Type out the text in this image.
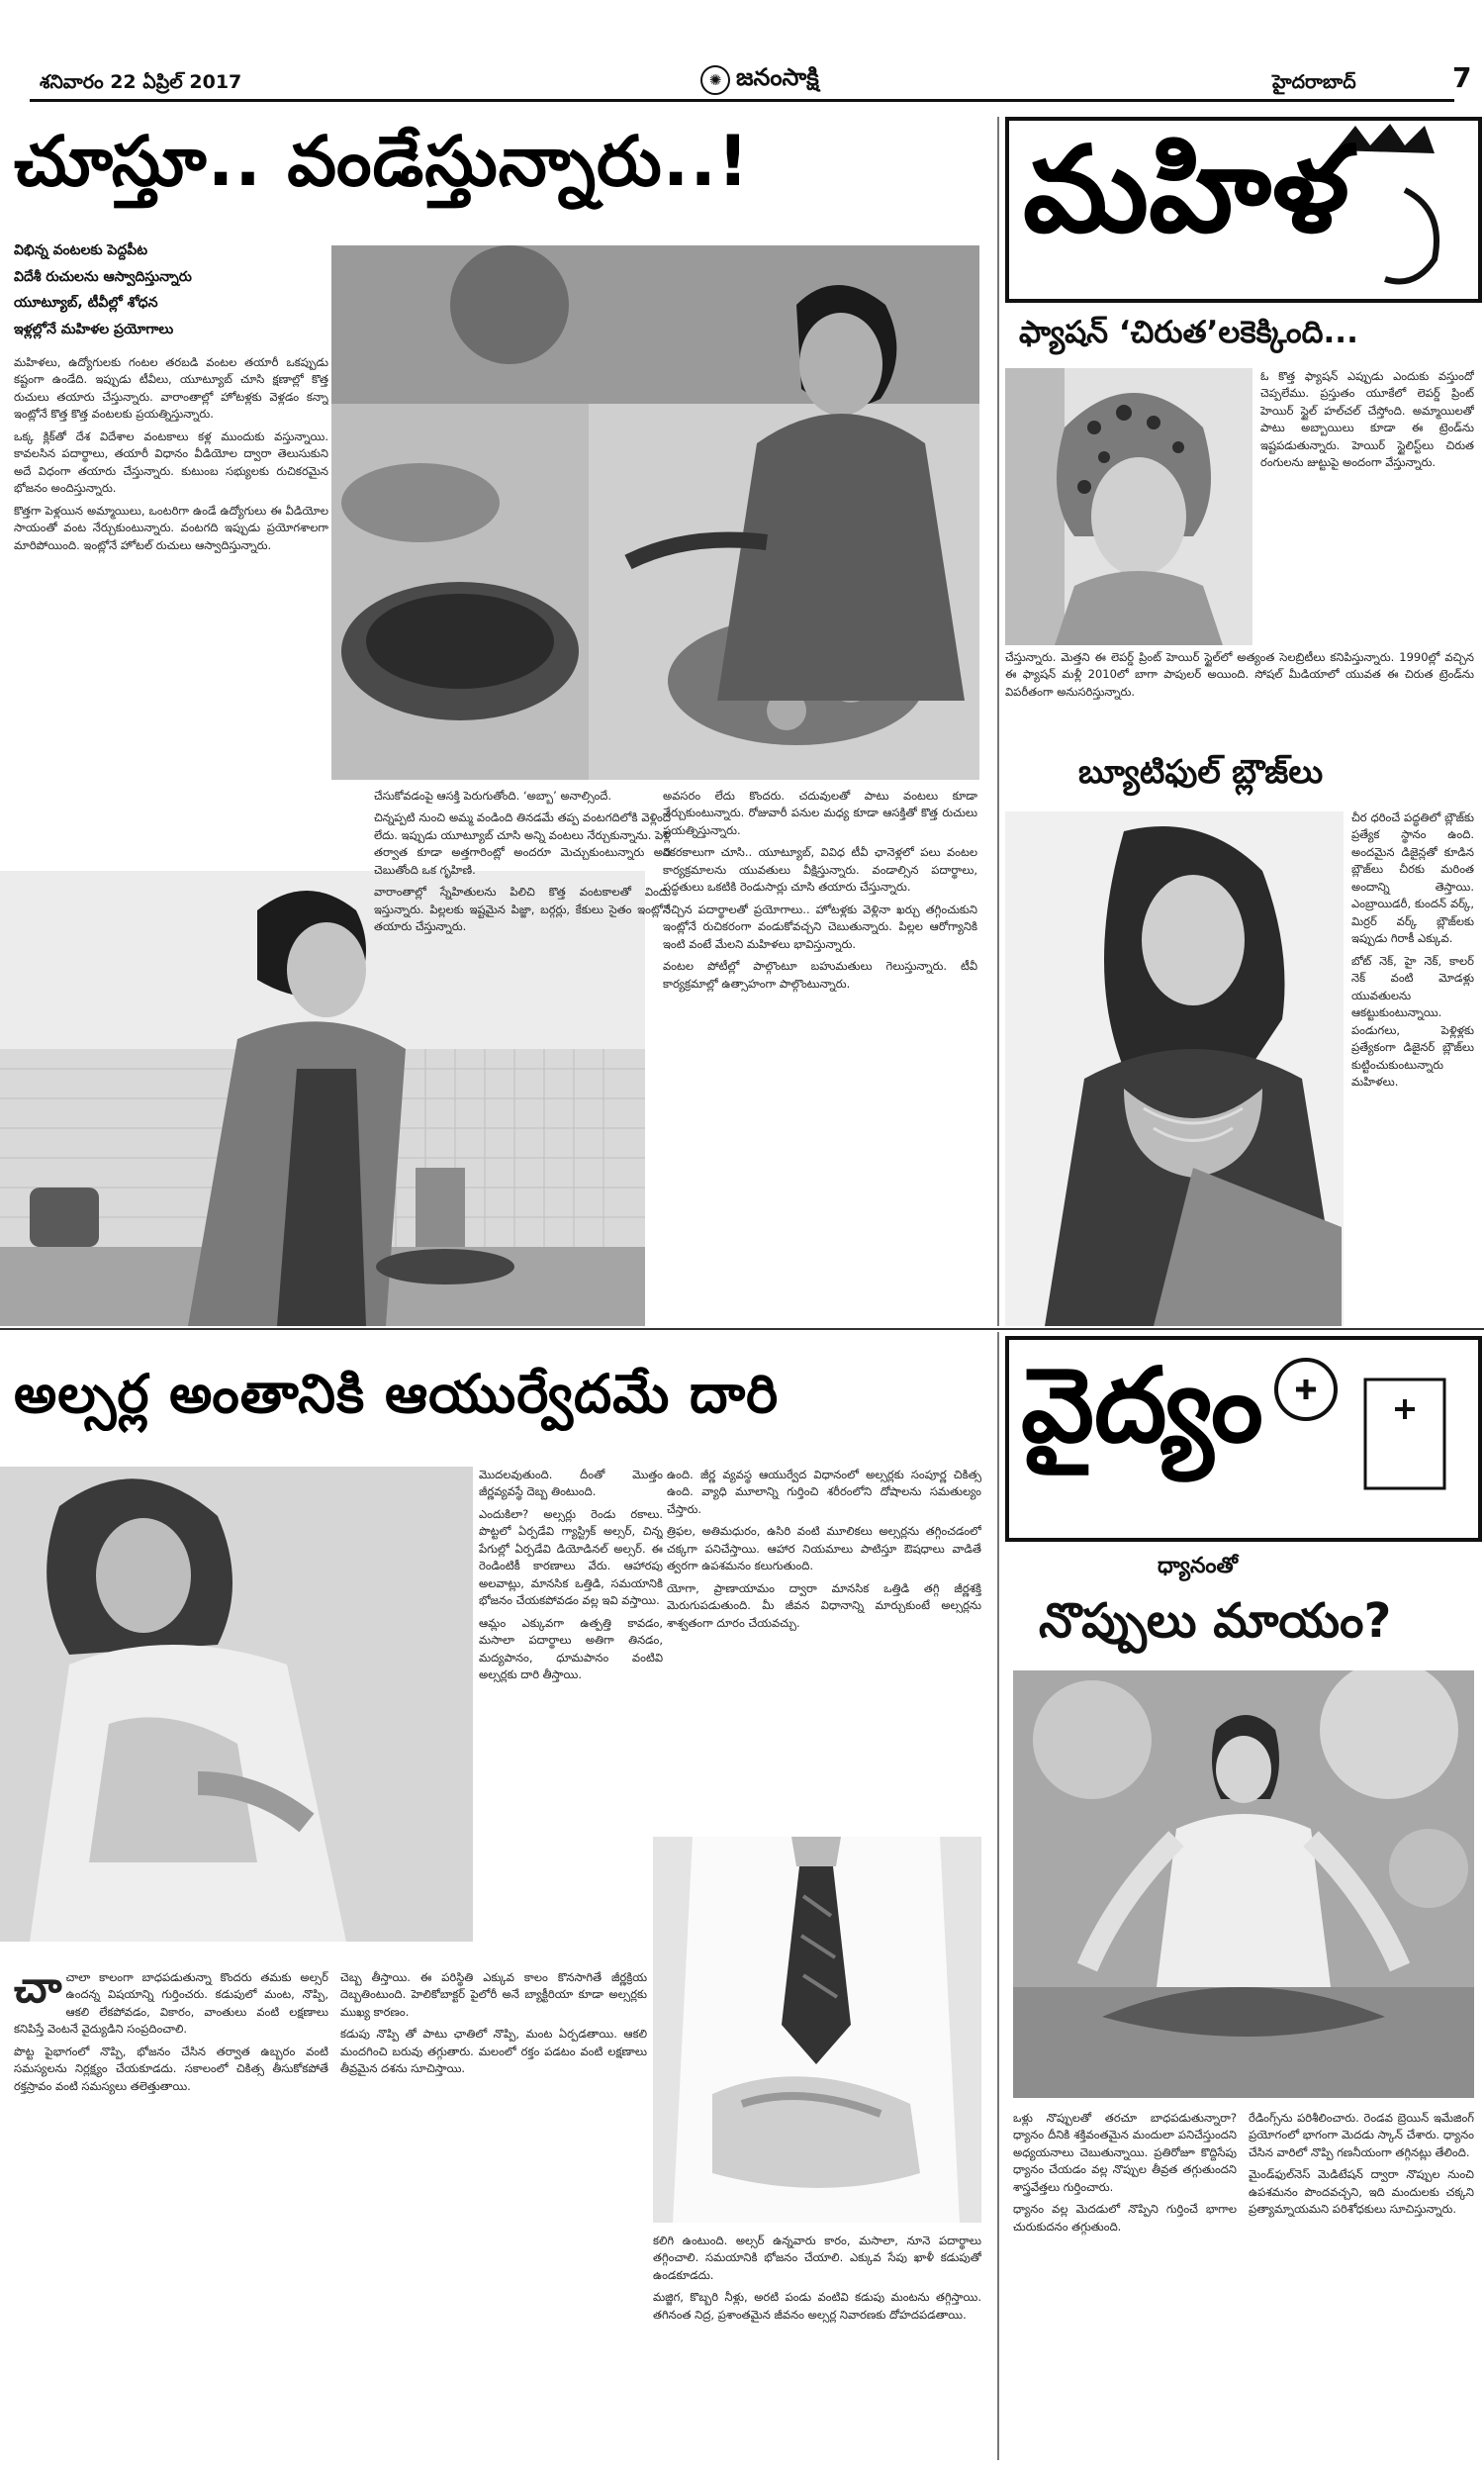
శనివారం 22 ఏప్రిల్ 2017	✺ జనంసాక్షి	హైదరాబాద్	7
చూస్తూ.. వండేస్తున్నారు..!
విభిన్న వంటలకు పెద్దపీట
విదేశీ రుచులను ఆస్వాదిస్తున్నారు
యూట్యూబ్, టీవీల్లో శోధన
ఇళ్లల్లోనే మహిళల ప్రయోగాలు

మహిళలు, ఉద్యోగులకు గంటల తరబడి వంటల తయారీ ఒకప్పుడు కష్టంగా ఉండేది. ఇప్పుడు టీవీలు, యూట్యూబ్ చూసి క్షణాల్లో కొత్త రుచులు తయారు చేస్తున్నారు. వారాంతాల్లో హోటళ్లకు వెళ్లడం కన్నా ఇంట్లోనే కొత్త కొత్త వంటలకు ప్రయత్నిస్తున్నారు.

ఒక్క క్లిక్‌తో దేశ విదేశాల వంటకాలు కళ్ల ముందుకు వస్తున్నాయి. కావలసిన పదార్థాలు, తయారీ విధానం వీడియోల ద్వారా తెలుసుకుని అదే విధంగా తయారు చేస్తున్నారు. కుటుంబ సభ్యులకు రుచికరమైన భోజనం అందిస్తున్నారు.

కొత్తగా పెళ్లయిన అమ్మాయిలు, ఒంటరిగా ఉండే ఉద్యోగులు ఈ వీడియోల సాయంతో వంట నేర్చుకుంటున్నారు. వంటగది ఇప్పుడు ప్రయోగశాలగా మారిపోయింది. ఇంట్లోనే హోటల్ రుచులు ఆస్వాదిస్తున్నారు.

చేసుకోవడంపై ఆసక్తి పెరుగుతోంది. ‘అబ్బా’ అనాల్సిందే.

చిన్నప్పటి నుంచి అమ్మ వండింది తినడమే తప్ప వంటగదిలోకి వెళ్లిందే లేదు. ఇప్పుడు యూట్యూబ్ చూసి అన్ని వంటలు నేర్చుకున్నాను. పెళ్లి తర్వాత కూడా అత్తగారింట్లో అందరూ మెచ్చుకుంటున్నారు అని చెబుతోంది ఒక గృహిణి.

వారాంతాల్లో స్నేహితులను పిలిచి కొత్త వంటకాలతో విందు ఇస్తున్నారు. పిల్లలకు ఇష్టమైన పిజ్జా, బర్గర్లు, కేకులు సైతం ఇంట్లోనే తయారు చేస్తున్నారు.

అవసరం లేదు కొందరు. చదువులతో పాటు వంటలు కూడా నేర్చుకుంటున్నారు. రోజువారీ పనుల మధ్య కూడా ఆసక్తితో కొత్త రుచులు ప్రయత్నిస్తున్నారు.

రకరకాలుగా చూసి.. యూట్యూబ్, వివిధ టీవీ ఛానెళ్లలో పలు వంటల కార్యక్రమాలను యువతులు వీక్షిస్తున్నారు. వండాల్సిన పదార్థాలు, పద్ధతులు ఒకటికి రెండుసార్లు చూసి తయారు చేస్తున్నారు.

నచ్చిన పదార్థాలతో ప్రయోగాలు.. హోటళ్లకు వెళ్లినా ఖర్చు తగ్గించుకుని ఇంట్లోనే రుచికరంగా వండుకోవచ్చని చెబుతున్నారు. పిల్లల ఆరోగ్యానికి ఇంటి వంటే మేలని మహిళలు భావిస్తున్నారు.

వంటల పోటీల్లో పాల్గొంటూ బహుమతులు గెలుస్తున్నారు. టీవీ కార్యక్రమాల్లో ఉత్సాహంగా పాల్గొంటున్నారు.

మహిళ
ఫ్యాషన్ ‘చిరుత’లకెక్కింది...

ఓ కొత్త ఫ్యాషన్ ఎప్పుడు ఎందుకు వస్తుందో చెప్పలేము. ప్రస్తుతం యూకేలో లెపర్డ్ ప్రింట్ హెయిర్ స్టైల్ హల్‌చల్ చేస్తోంది. అమ్మాయిలతో పాటు అబ్బాయిలు కూడా ఈ ట్రెండ్‌ను ఇష్టపడుతున్నారు. హెయిర్ స్టైలిస్ట్‌లు చిరుత రంగులను జుట్టుపై అందంగా వేస్తున్నారు.

చేస్తున్నారు. మెత్తని ఈ లెపర్డ్ ప్రింట్ హెయిర్ స్టైల్‌లో అత్యంత సెలబ్రిటీలు కనిపిస్తున్నారు. 1990ల్లో వచ్చిన ఈ ఫ్యాషన్ మళ్లీ 2010లో బాగా పాపులర్ అయింది. సోషల్ మీడియాలో యువత ఈ చిరుత ట్రెండ్‌ను విపరీతంగా అనుసరిస్తున్నారు.

బ్యూటిఫుల్ బ్లౌజ్‌లు

చీర ధరించే పద్ధతిలో బ్లౌజ్‌కు ప్రత్యేక స్థానం ఉంది. అందమైన డిజైన్లతో కూడిన బ్లౌజ్‌లు చీరకు మరింత అందాన్ని తెస్తాయి. ఎంబ్రాయిడరీ, కుందన్ వర్క్, మిర్రర్ వర్క్ బ్లౌజ్‌లకు ఇప్పుడు గిరాకీ ఎక్కువ.

బోట్ నెక్, హై నెక్, కాలర్ నెక్ వంటి మోడళ్లు యువతులను ఆకట్టుకుంటున్నాయి. పండుగలు, పెళ్లిళ్లకు ప్రత్యేకంగా డిజైనర్ బ్లౌజ్‌లు కుట్టించుకుంటున్నారు మహిళలు.

అల్సర్ల అంతానికి ఆయుర్వేదమే దారి

మొదలవుతుంది. దీంతో మొత్తం జీర్ణవ్యవస్థే దెబ్బ తింటుంది.

ఎందుకిలా? అల్సర్లు రెండు రకాలు. పొట్టలో ఏర్పడేవి గ్యాస్ట్రిక్ అల్సర్, చిన్న పేగుల్లో ఏర్పడేవి డియోడినల్ అల్సర్. ఈ రెండింటికీ కారణాలు వేరు. ఆహారపు అలవాట్లు, మానసిక ఒత్తిడి, సమయానికి భోజనం చేయకపోవడం వల్ల ఇవి వస్తాయి.

ఆమ్లం ఎక్కువగా ఉత్పత్తి కావడం, మసాలా పదార్థాలు అతిగా తినడం, మద్యపానం, ధూమపానం వంటివి అల్సర్లకు దారి తీస్తాయి.

ఉంది. జీర్ణ వ్యవస్థ ఆయుర్వేద విధానంలో అల్సర్లకు సంపూర్ణ చికిత్స ఉంది. వ్యాధి మూలాన్ని గుర్తించి శరీరంలోని దోషాలను సమతుల్యం చేస్తారు.

త్రిఫల, అతిమధురం, ఉసిరి వంటి మూలికలు అల్సర్లను తగ్గించడంలో చక్కగా పనిచేస్తాయి. ఆహార నియమాలు పాటిస్తూ ఔషధాలు వాడితే త్వరగా ఉపశమనం కలుగుతుంది.

యోగా, ప్రాణాయామం ద్వారా మానసిక ఒత్తిడి తగ్గి జీర్ణశక్తి మెరుగుపడుతుంది. మీ జీవన విధానాన్ని మార్చుకుంటే అల్సర్లను శాశ్వతంగా దూరం చేయవచ్చు.

చా చాలా కాలంగా బాధపడుతున్నా కొందరు తమకు అల్సర్ ఉందన్న విషయాన్ని గుర్తించరు. కడుపులో మంట, నొప్పి, ఆకలి లేకపోవడం, వికారం, వాంతులు వంటి లక్షణాలు కనిపిస్తే వెంటనే వైద్యుడిని సంప్రదించాలి.

పొట్ట పైభాగంలో నొప్పి, భోజనం చేసిన తర్వాత ఉబ్బరం వంటి సమస్యలను నిర్లక్ష్యం చేయకూడదు. సకాలంలో చికిత్స తీసుకోకపోతే రక్తస్రావం వంటి సమస్యలు తలెత్తుతాయి.

చెబ్బ తీస్తాయి. ఈ పరిస్థితి ఎక్కువ కాలం కొనసాగితే జీర్ణక్రియ దెబ్బతింటుంది. హెలికోబాక్టర్ పైలోరీ అనే బ్యాక్టీరియా కూడా అల్సర్లకు ముఖ్య కారణం.

కడుపు నొప్పి తో పాటు ఛాతిలో నొప్పి, మంట ఏర్పడతాయి. ఆకలి మందగించి బరువు తగ్గుతారు. మలంలో రక్తం పడటం వంటి లక్షణాలు తీవ్రమైన దశను సూచిస్తాయి.

కలిగి ఉంటుంది. అల్సర్ ఉన్నవారు కారం, మసాలా, నూనె పదార్థాలు తగ్గించాలి. సమయానికి భోజనం చేయాలి. ఎక్కువ సేపు ఖాళీ కడుపుతో ఉండకూడదు.

మజ్జిగ, కొబ్బరి నీళ్లు, అరటి పండు వంటివి కడుపు మంటను తగ్గిస్తాయి. తగినంత నిద్ర, ప్రశాంతమైన జీవనం అల్సర్ల నివారణకు దోహదపడతాయి.

వైద్యం
ధ్యానంతో
నొప్పులు మాయం?

ఒళ్లు నొప్పులతో తరచూ బాధపడుతున్నారా? ధ్యానం దీనికి శక్తివంతమైన మందులా పనిచేస్తుందని అధ్యయనాలు చెబుతున్నాయి. ప్రతిరోజూ కొద్దిసేపు ధ్యానం చేయడం వల్ల నొప్పుల తీవ్రత తగ్గుతుందని శాస్త్రవేత్తలు గుర్తించారు.

ధ్యానం వల్ల మెదడులో నొప్పిని గుర్తించే భాగాల చురుకుదనం తగ్గుతుంది.

రేడింగ్స్‌ను పరిశీలించారు. రెండవ బ్రెయిన్ ఇమేజింగ్ ప్రయోగంలో భాగంగా మెదడు స్కాన్ చేశారు. ధ్యానం చేసిన వారిలో నొప్పి గణనీయంగా తగ్గినట్లు తేలింది.

మైండ్‌ఫుల్‌నెస్ మెడిటేషన్ ద్వారా నొప్పుల నుంచి ఉపశమనం పొందవచ్చని, ఇది మందులకు చక్కని ప్రత్యామ్నాయమని పరిశోధకులు సూచిస్తున్నారు.
